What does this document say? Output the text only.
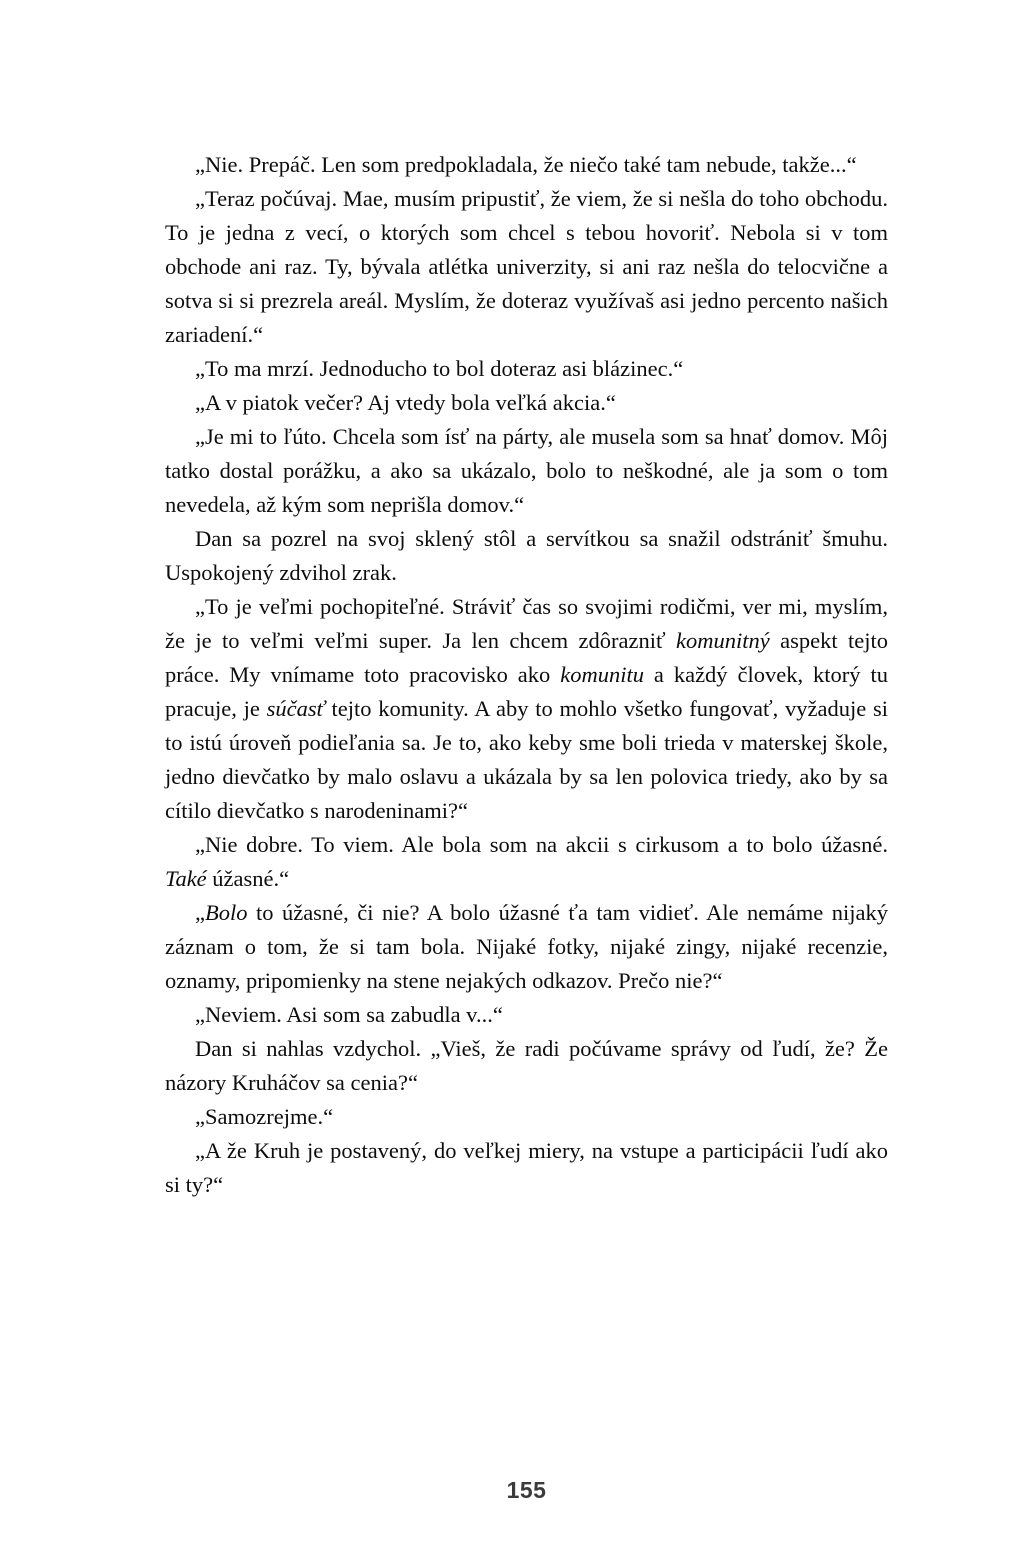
„Nie. Prepáč. Len som predpokladala, že niečo také tam nebude, takže...“

„Teraz počúvaj. Mae, musím pripustiť, že viem, že si nešla do toho obchodu. To je jedna z vecí, o ktorých som chcel s tebou hovoriť. Nebola si v tom obchode ani raz. Ty, bývala atlétka univerzity, si ani raz nešla do telocvične a sotva si si prezrela areál. Myslím, že doteraz využívaš asi jedno percento našich zariadení.“

„To ma mrzí. Jednoducho to bol doteraz asi blázinec.“

„A v piatok večer? Aj vtedy bola veľká akcia.“

„Je mi to ľúto. Chcela som ísť na párty, ale musela som sa hnať domov. Môj tatko dostal porážku, a ako sa ukázalo, bolo to neškodné, ale ja som o tom nevedela, až kým som neprišla domov.“

Dan sa pozrel na svoj sklený stôl a servítkou sa snažil odstrániť šmuhu. Uspokojený zdvihol zrak.

„To je veľmi pochopiteľné. Stráviť čas so svojimi rodičmi, ver mi, myslím, že je to veľmi veľmi super. Ja len chcem zdôrazniť komunitný aspekt tejto práce. My vnímame toto pracovisko ako komunitu a každý človek, ktorý tu pracuje, je súčasť tejto komunity. A aby to mohlo všetko fungovať, vyžaduje si to istú úroveň podieľania sa. Je to, ako keby sme boli trieda v materskej škole, jedno dievčatko by malo oslavu a ukázala by sa len polovica triedy, ako by sa cítilo dievčatko s narodeninami?“

„Nie dobre. To viem. Ale bola som na akcii s cirkusom a to bolo úžasné. Také úžasné.“

„Bolo to úžasné, či nie? A bolo úžasné ťa tam vidieť. Ale nemáme nijaký záznam o tom, že si tam bola. Nijaké fotky, nijaké zingy, nijaké recenzie, oznamy, pripomienky na stene nejakých odkazov. Prečo nie?“

„Neviem. Asi som sa zabudla v...“

Dan si nahlas vzdychol. „Vieš, že radi počúvame správy od ľudí, že? Že názory Kruháčov sa cenia?“

„Samozrejme.“

„A že Kruh je postavený, do veľkej miery, na vstupe a participácii ľudí ako si ty?“

155
